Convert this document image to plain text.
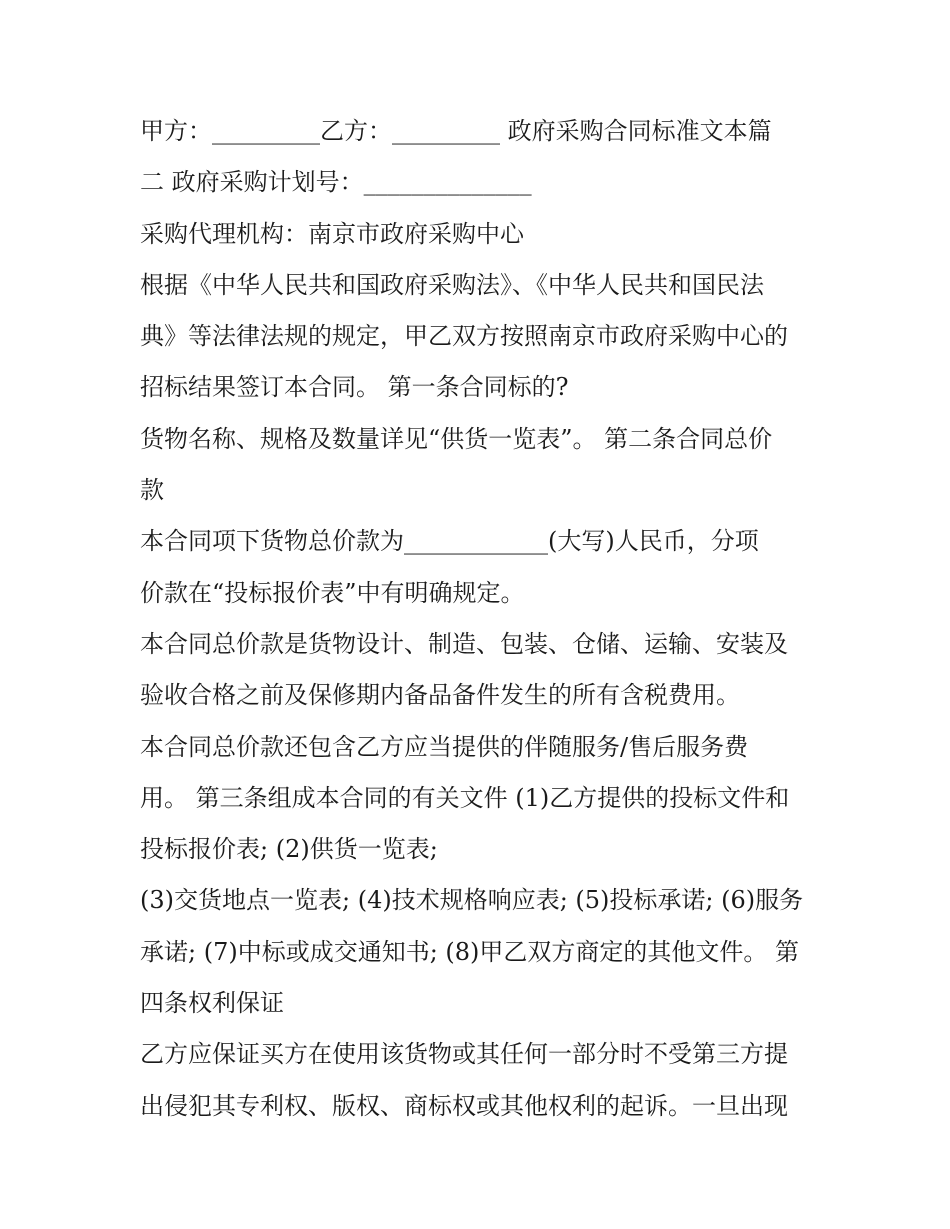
甲方：_________乙方：_________ 政府采购合同标准文本篇
二 政府采购计划号：______________
采购代理机构：南京市政府采购中心
根据《中华人民共和国政府采购法》、《中华人民共和国民法
典》等法律法规的规定，甲乙双方按照南京市政府采购中心的
招标结果签订本合同。 第一条合同标的?
货物名称、规格及数量详见“供货一览表”。 第二条合同总价
款
本合同项下货物总价款为____________(大写)人民币，分项
价款在“投标报价表”中有明确规定。
本合同总价款是货物设计、制造、包装、仓储、运输、安装及
验收合格之前及保修期内备品备件发生的所有含税费用。
本合同总价款还包含乙方应当提供的伴随服务/售后服务费
用。 第三条组成本合同的有关文件 (1)乙方提供的投标文件和
投标报价表; (2)供货一览表;
(3)交货地点一览表; (4)技术规格响应表; (5)投标承诺; (6)服务
承诺; (7)中标或成交通知书; (8)甲乙双方商定的其他文件。 第
四条权利保证
乙方应保证买方在使用该货物或其任何一部分时不受第三方提
出侵犯其专利权、版权、商标权或其他权利的起诉。一旦出现
